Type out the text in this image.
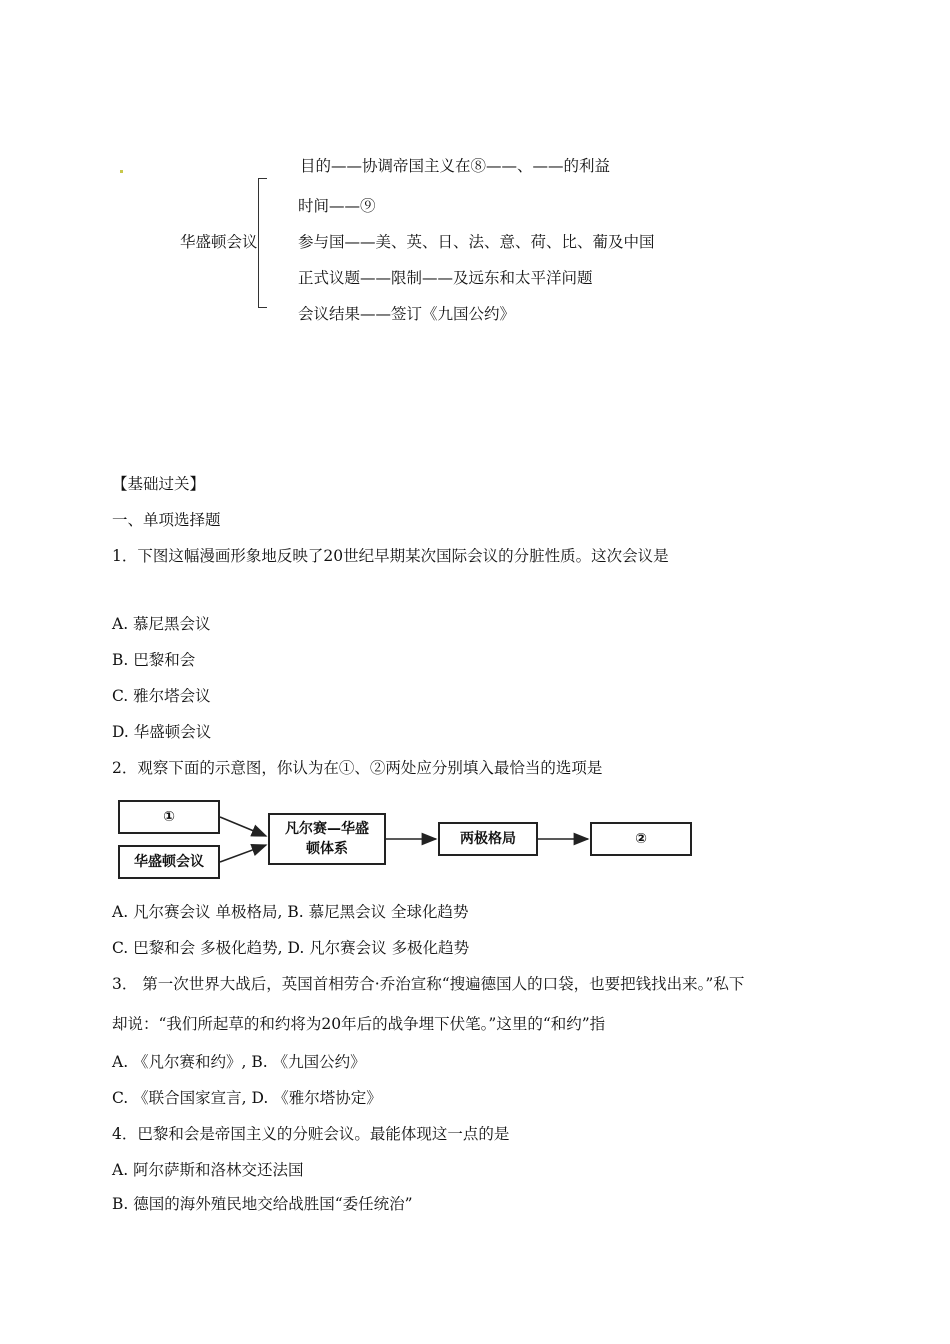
华盛顿会议
目的——协调帝国主义在⑧——、——的利益
时间——⑨
参与国——美、英、日、法、意、荷、比、葡及中国
正式议题——限制——及远东和太平洋问题
会议结果——签订《九国公约》
【基础过关】
一、单项选择题
1．下图这幅漫画形象地反映了20世纪早期某次国际会议的分脏性质。这次会议是
A. 慕尼黑会议
B. 巴黎和会
C. 雅尔塔会议
D. 华盛顿会议
2．观察下面的示意图，你认为在①、②两处应分别填入最恰当的选项是
①
华盛顿会议
凡尔赛—华盛
顿体系
两极格局	②
A. 凡尔赛会议 单极格局, B. 慕尼黑会议 全球化趋势
C. 巴黎和会 多极化趋势, D. 凡尔赛会议 多极化趋势
3． 第一次世界大战后，英国首相劳合·乔治宣称“搜遍德国人的口袋，也要把钱找出来。”私下
却说：“我们所起草的和约将为20年后的战争埋下伏笔。”这里的“和约”指
A. 《凡尔赛和约》, B. 《九国公约》
C. 《联合国家宣言, D. 《雅尔塔协定》
4．巴黎和会是帝国主义的分赃会议。最能体现这一点的是
A. 阿尔萨斯和洛林交还法国
B. 德国的海外殖民地交给战胜国“委任统治”
